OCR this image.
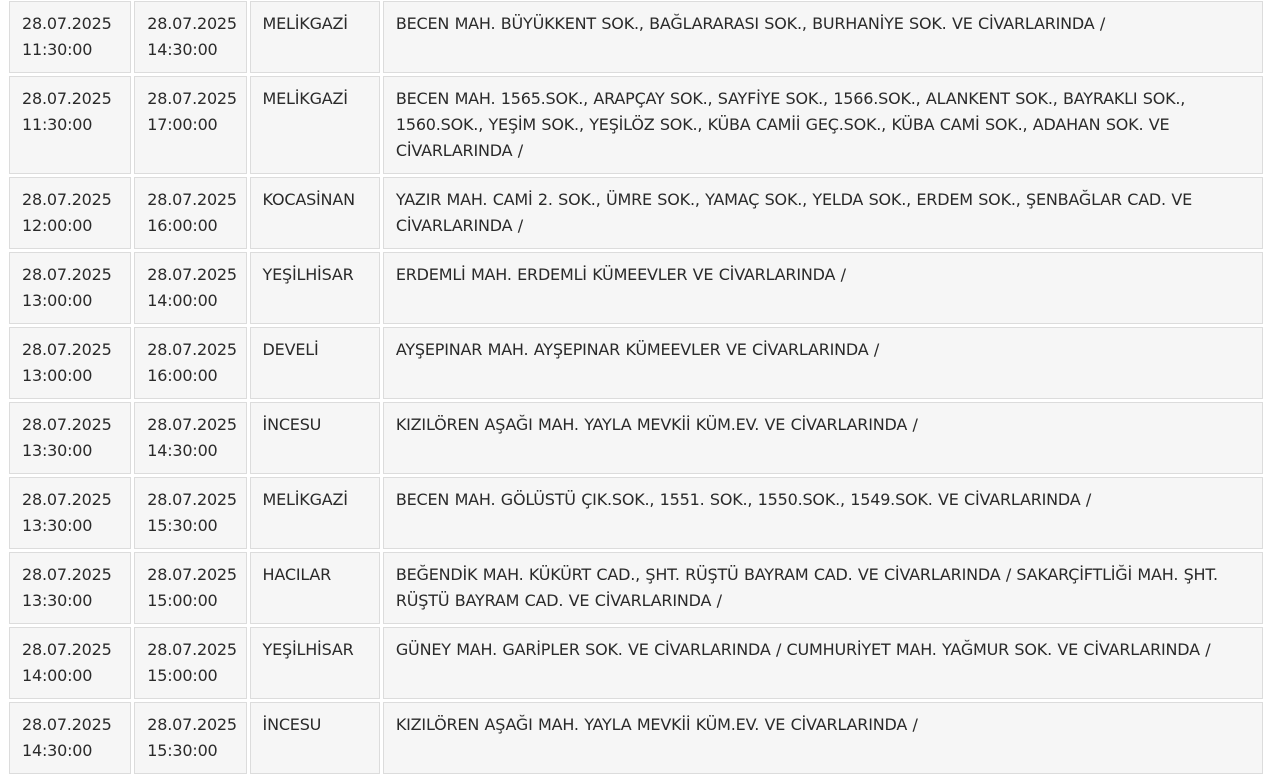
28.07.2025
11:30:00	28.07.2025
14:30:00	MELİKGAZİ	BECEN MAH. BÜYÜKKENT SOK., BAĞLARARASI SOK., BURHANİYE SOK. VE CİVARLARINDA /

28.07.2025
11:30:00	28.07.2025
17:00:00	MELİKGAZİ	BECEN MAH. 1565.SOK., ARAPÇAY SOK., SAYFİYE SOK., 1566.SOK., ALANKENT SOK., BAYRAKLI SOK., 1560.SOK., YEŞİM SOK., YEŞİLÖZ SOK., KÜBA CAMİİ GEÇ.SOK., KÜBA CAMİ SOK., ADAHAN SOK. VE CİVARLARINDA /

28.07.2025
12:00:00	28.07.2025
16:00:00	KOCASİNAN	YAZIR MAH. CAMİ 2. SOK., ÜMRE SOK., YAMAÇ SOK., YELDA SOK., ERDEM SOK., ŞENBAĞLAR CAD. VE CİVARLARINDA /

28.07.2025
13:00:00	28.07.2025
14:00:00	YEŞİLHİSAR	ERDEMLİ MAH. ERDEMLİ KÜMEEVLER VE CİVARLARINDA /

28.07.2025
13:00:00	28.07.2025
16:00:00	DEVELİ	AYŞEPINAR MAH. AYŞEPINAR KÜMEEVLER VE CİVARLARINDA /

28.07.2025
13:30:00	28.07.2025
14:30:00	İNCESU	KIZILÖREN AŞAĞI MAH. YAYLA MEVKİİ KÜM.EV. VE CİVARLARINDA /

28.07.2025
13:30:00	28.07.2025
15:30:00	MELİKGAZİ	BECEN MAH. GÖLÜSTÜ ÇIK.SOK., 1551. SOK., 1550.SOK., 1549.SOK. VE CİVARLARINDA /

28.07.2025
13:30:00	28.07.2025
15:00:00	HACILAR	BEĞENDİK MAH. KÜKÜRT CAD., ŞHT. RÜŞTÜ BAYRAM CAD. VE CİVARLARINDA / SAKARÇİFTLİĞİ MAH. ŞHT. RÜŞTÜ BAYRAM CAD. VE CİVARLARINDA /

28.07.2025
14:00:00	28.07.2025
15:00:00	YEŞİLHİSAR	GÜNEY MAH. GARİPLER SOK. VE CİVARLARINDA / CUMHURİYET MAH. YAĞMUR SOK. VE CİVARLARINDA /

28.07.2025
14:30:00	28.07.2025
15:30:00	İNCESU	KIZILÖREN AŞAĞI MAH. YAYLA MEVKİİ KÜM.EV. VE CİVARLARINDA /
